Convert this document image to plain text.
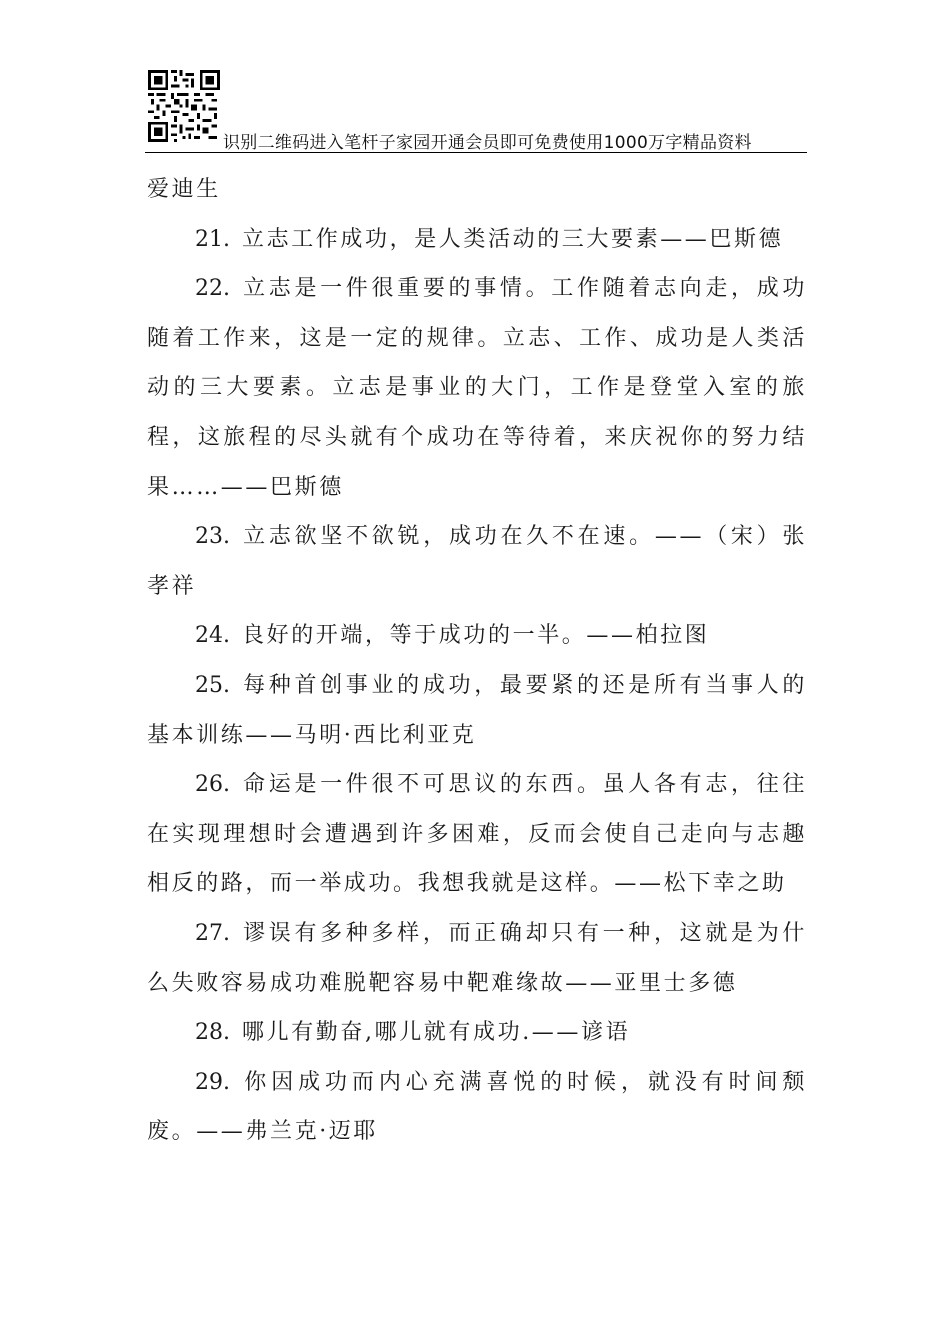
识别二维码进入笔杆子家园开通会员即可免费使用1000万字精品资料

爱迪生

21. 立志工作成功，是人类活动的三大要素——巴斯德

22. 立志是一件很重要的事情。工作随着志向走，成功随着工作来，这是一定的规律。立志、工作、成功是人类活动的三大要素。立志是事业的大门，工作是登堂入室的旅程，这旅程的尽头就有个成功在等待着，来庆祝你的努力结果……——巴斯德

23. 立志欲坚不欲锐，成功在久不在速。——（宋）张孝祥

24. 良好的开端，等于成功的一半。——柏拉图

25. 每种首创事业的成功，最要紧的还是所有当事人的基本训练——马明·西比利亚克

26. 命运是一件很不可思议的东西。虽人各有志，往往在实现理想时会遭遇到许多困难，反而会使自己走向与志趣相反的路，而一举成功。我想我就是这样。——松下幸之助

27. 谬误有多种多样，而正确却只有一种，这就是为什么失败容易成功难脱靶容易中靶难缘故——亚里士多德

28. 哪儿有勤奋,哪儿就有成功.——谚语

29. 你因成功而内心充满喜悦的时候，就没有时间颓废。——弗兰克·迈耶
